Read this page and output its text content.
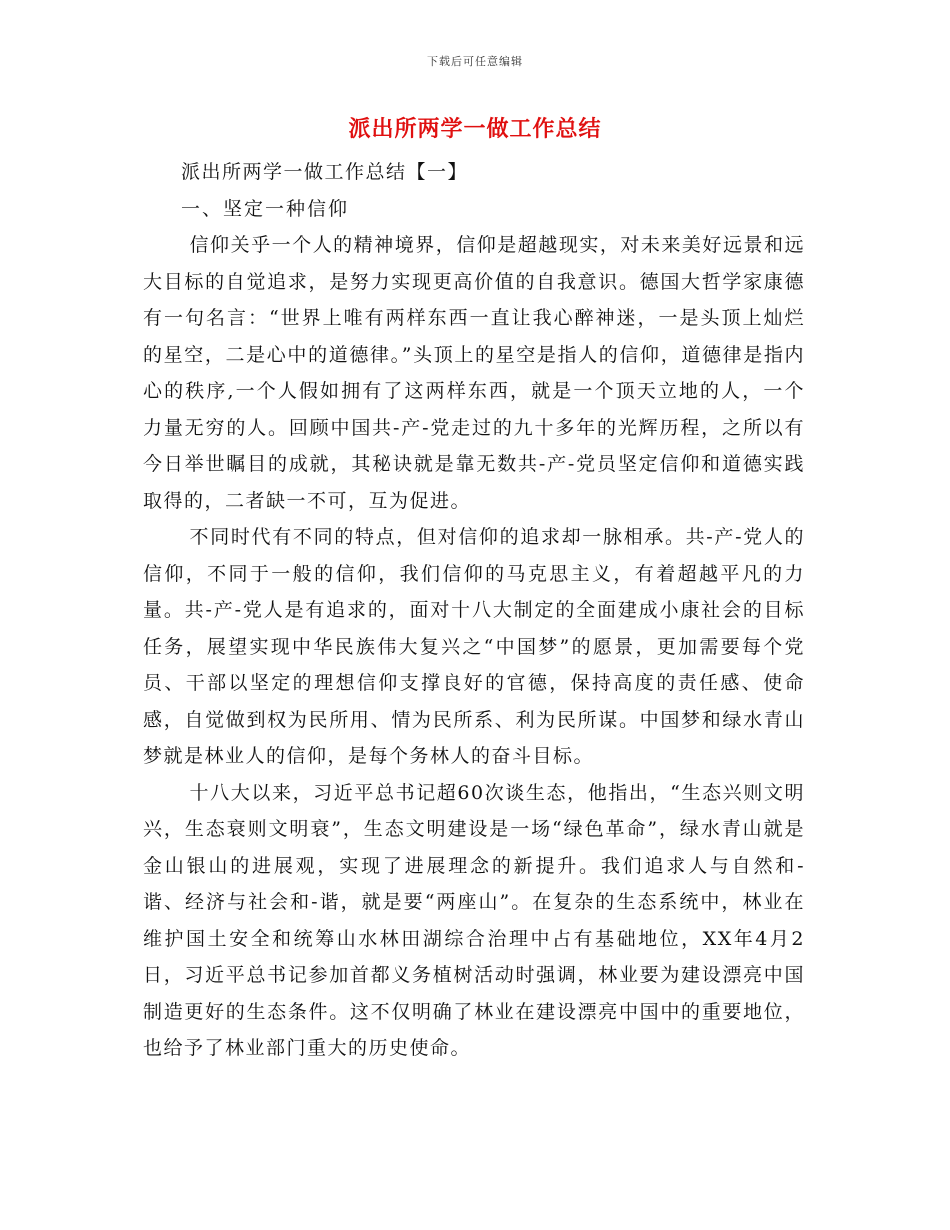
下载后可任意编辑
派出所两学一做工作总结

派出所两学一做工作总结【一】

一、坚定一种信仰

信仰关乎一个人的精神境界，信仰是超越现实，对未来美好远景和远大目标的自觉追求，是努力实现更高价值的自我意识。德国大哲学家康德有一句名言：“世界上唯有两样东西一直让我心醉神迷，一是头顶上灿烂的星空，二是心中的道德律。”头顶上的星空是指人的信仰，道德律是指内心的秩序,一个人假如拥有了这两样东西，就是一个顶天立地的人，一个力量无穷的人。回顾中国共-产-党走过的九十多年的光辉历程，之所以有今日举世瞩目的成就，其秘诀就是靠无数共-产-党员坚定信仰和道德实践取得的，二者缺一不可，互为促进。

不同时代有不同的特点，但对信仰的追求却一脉相承。共-产-党人的信仰，不同于一般的信仰，我们信仰的马克思主义，有着超越平凡的力量。共-产-党人是有追求的，面对十八大制定的全面建成小康社会的目标任务，展望实现中华民族伟大复兴之“中国梦”的愿景，更加需要每个党员、干部以坚定的理想信仰支撑良好的官德，保持高度的责任感、使命感，自觉做到权为民所用、情为民所系、利为民所谋。中国梦和绿水青山梦就是林业人的信仰，是每个务林人的奋斗目标。

十八大以来，习近平总书记超60次谈生态，他指出，“生态兴则文明兴，生态衰则文明衰”，生态文明建设是一场“绿色革命”，绿水青山就是金山银山的进展观，实现了进展理念的新提升。我们追求人与自然和-谐、经济与社会和-谐，就是要“两座山”。在复杂的生态系统中，林业在维护国土安全和统筹山水林田湖综合治理中占有基础地位，XX年4月2日，习近平总书记参加首都义务植树活动时强调，林业要为建设漂亮中国制造更好的生态条件。这不仅明确了林业在建设漂亮中国中的重要地位，也给予了林业部门重大的历史使命。
